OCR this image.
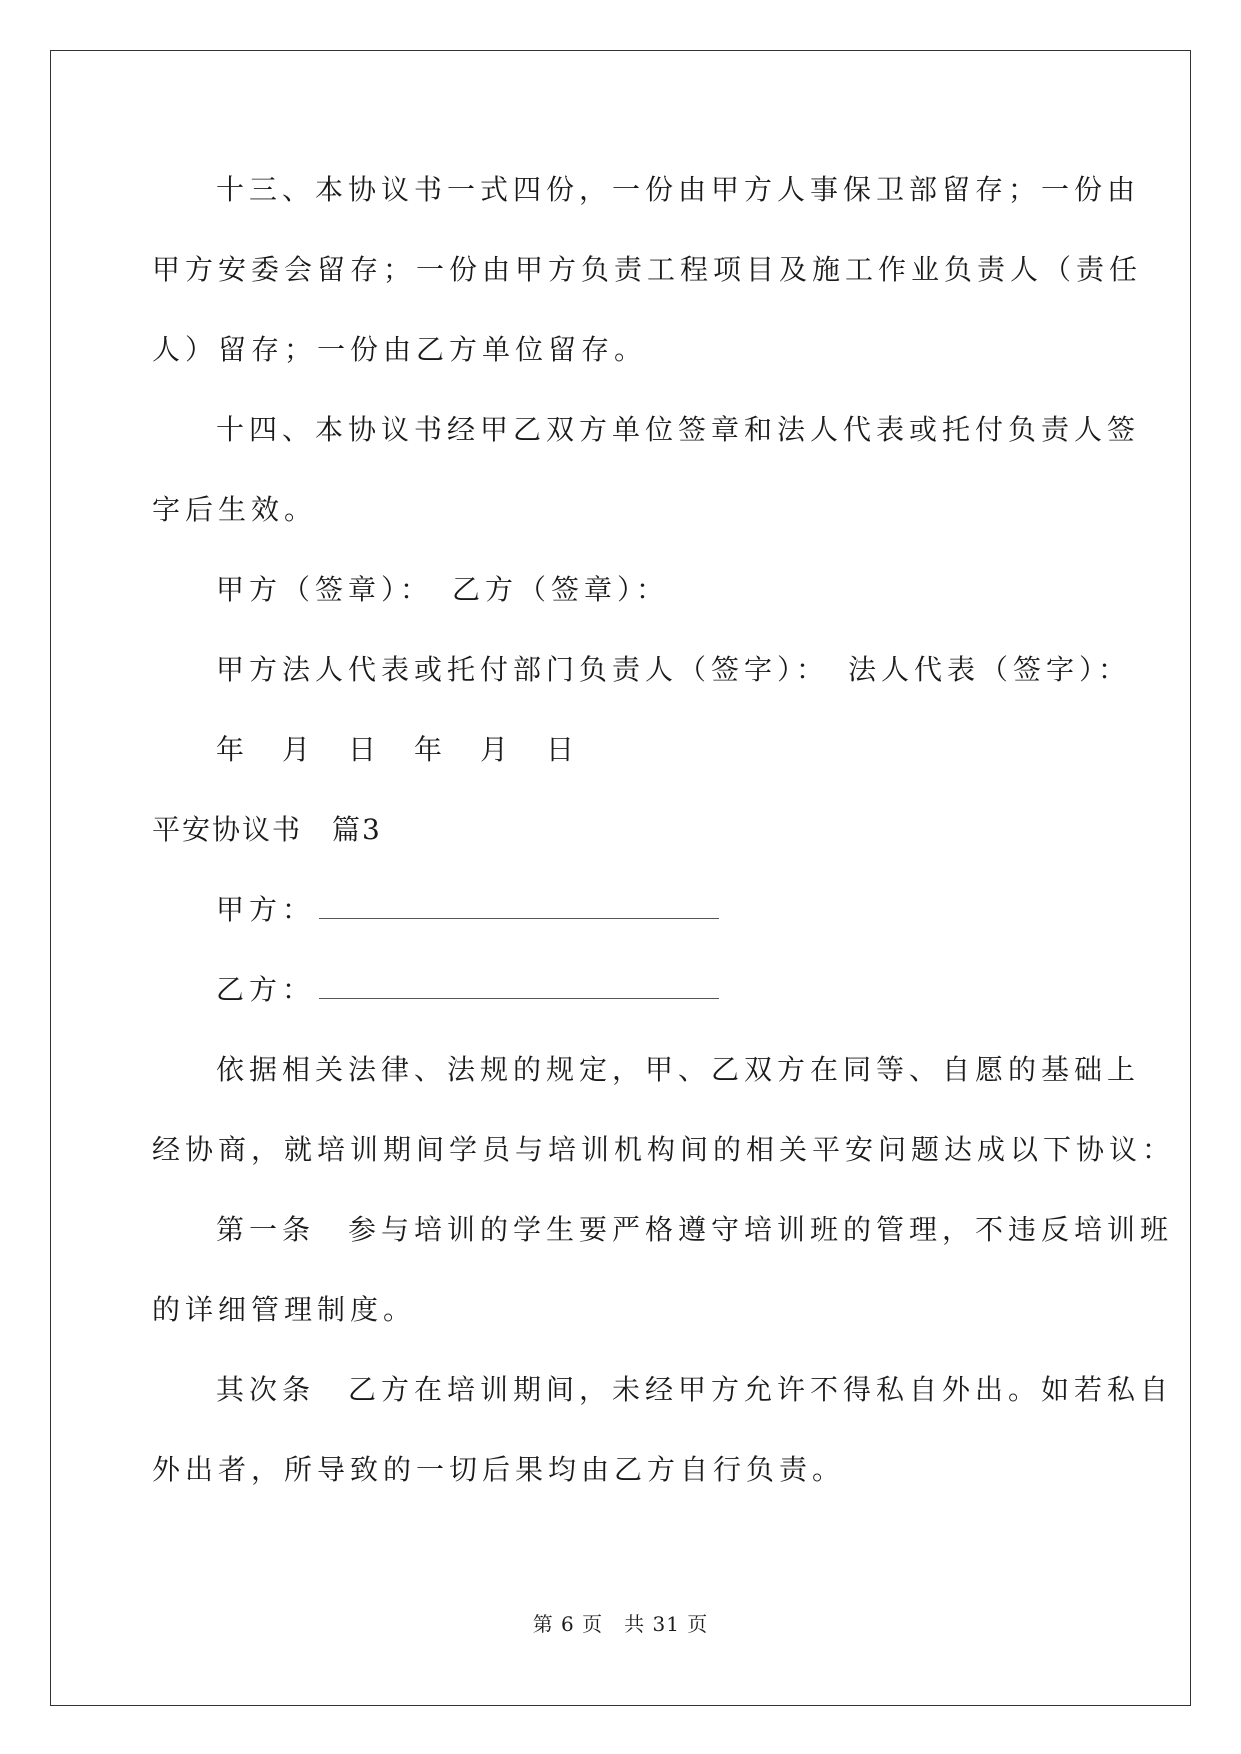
十三、本协议书一式四份，一份由甲方人事保卫部留存；一份由
甲方安委会留存；一份由甲方负责工程项目及施工作业负责人（责任
人）留存；一份由乙方单位留存。
十四、本协议书经甲乙双方单位签章和法人代表或托付负责人签
字后生效。
甲方（签章）：　乙方（签章）：
甲方法人代表或托付部门负责人（签字）：　法人代表（签字）：
年　月　日　年　月　日
平安协议书　篇3
甲方：
乙方：
依据相关法律、法规的规定，甲、乙双方在同等、自愿的基础上
经协商，就培训期间学员与培训机构间的相关平安问题达成以下协议：
第一条　参与培训的学生要严格遵守培训班的管理，不违反培训班
的详细管理制度。
其次条　乙方在培训期间，未经甲方允许不得私自外出。如若私自
外出者，所导致的一切后果均由乙方自行负责。
第 6 页　共 31 页
